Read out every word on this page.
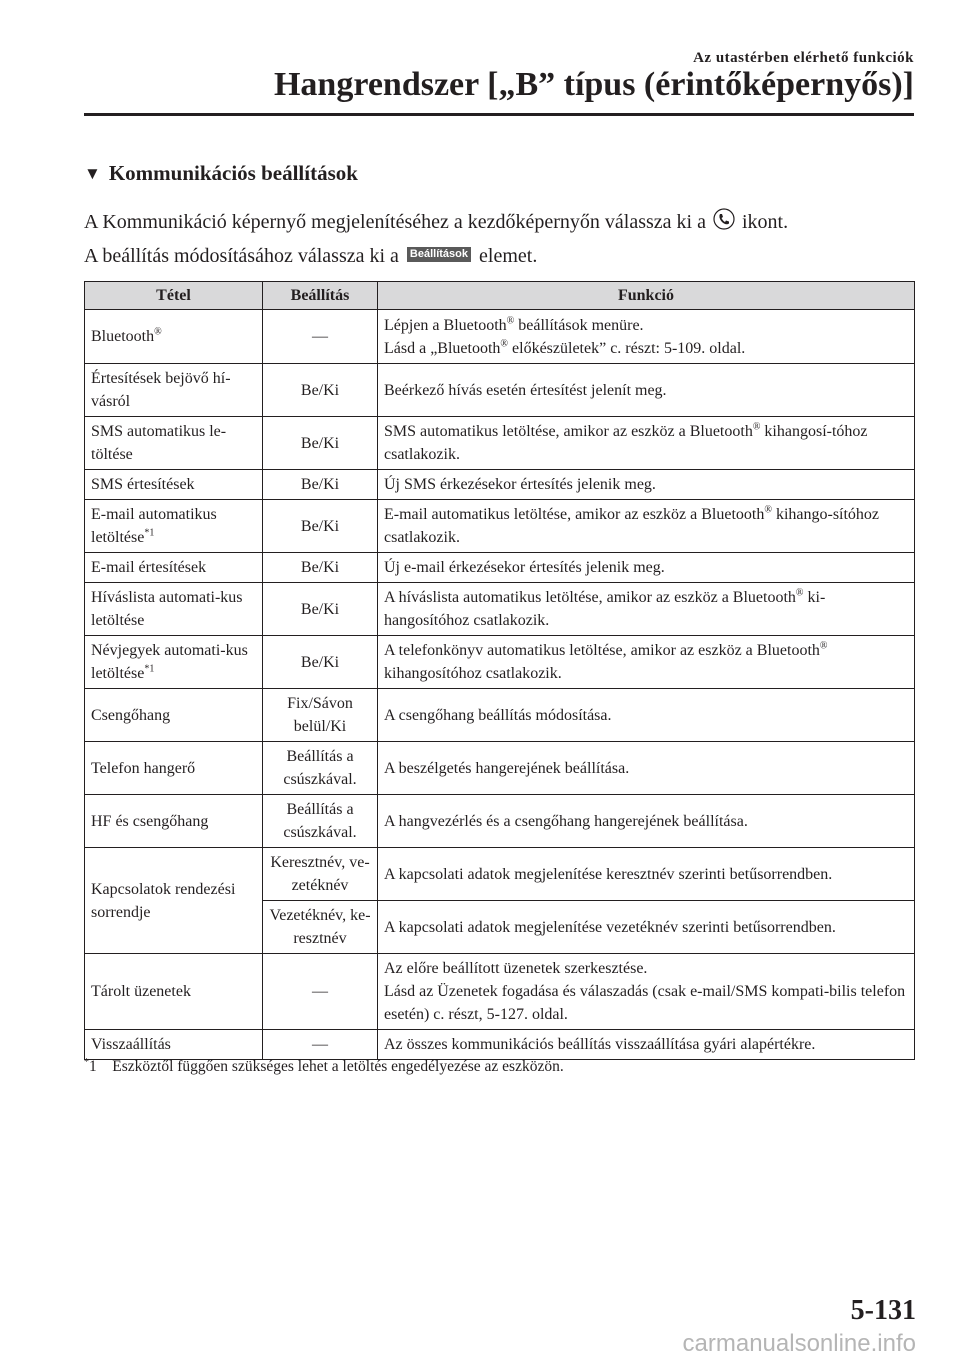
Az utastérben elérhető funkciók
Hangrendszer [„B” típus (érintőképernyős)]
▼ Kommunikációs beállítások

A Kommunikáció képernyő megjelenítéséhez a kezdőképernyőn válassza ki a ikont.

A beállítás módosításához válassza ki a Beállítások elemet.

Tétel	Beállítás	Funkció
Bluetooth®	—	Lépjen a Bluetooth® beállítások menüre.
Lásd a „Bluetooth® előkészületek” c. részt: 5-109. oldal.

Értesítések bejövő hí-vásról	Be/Ki	Beérkező hívás esetén értesítést jelenít meg.
SMS automatikus le-töltése	Be/Ki	SMS automatikus letöltése, amikor az eszköz a Bluetooth® kihangosí-tóhoz csatlakozik.
SMS értesítések	Be/Ki	Új SMS érkezésekor értesítés jelenik meg.
E-mail automatikus letöltése$^{*1}$	Be/Ki	E-mail automatikus letöltése, amikor az eszköz a Bluetooth® kihango-sítóhoz csatlakozik.
E-mail értesítések	Be/Ki	Új e-mail érkezésekor értesítés jelenik meg.
Híváslista automati-kus letöltése	Be/Ki	A híváslista automatikus letöltése, amikor az eszköz a Bluetooth® ki-hangosítóhoz csatlakozik.
Névjegyek automati-kus letöltése$^{*1}$	Be/Ki	A telefonkönyv automatikus letöltése, amikor az eszköz a Bluetooth® kihangosítóhoz csatlakozik.
Csengőhang	Fix/Sávon belül/Ki	A csengőhang beállítás módosítása.
Telefon hangerő	Beállítás a csúszkával.	A beszélgetés hangerejének beállítása.
HF és csengőhang	Beállítás a csúszkával.	A hangvezérlés és a csengőhang hangerejének beállítása.
Kapcsolatok rendezési sorrendje	Keresztnév, ve-zetéknév	A kapcsolati adatok megjelenítése keresztnév szerinti betűsorrendben.
	Vezetéknév, ke-resztnév	A kapcsolati adatok megjelenítése vezetéknév szerinti betűsorrendben.
Tárolt üzenetek	—	Az előre beállított üzenetek szerkesztése.
Lásd az Üzenetek fogadása és válaszadás (csak e-mail/SMS kompati-bilis telefon esetén) c. részt, 5-127. oldal.

Visszaállítás	—	Az összes kommunikációs beállítás visszaállítása gyári alapértékre.
*1    Eszköztől függően szükséges lehet a letöltés engedélyezése az eszközön.
5-131
carmanualsonline.info
